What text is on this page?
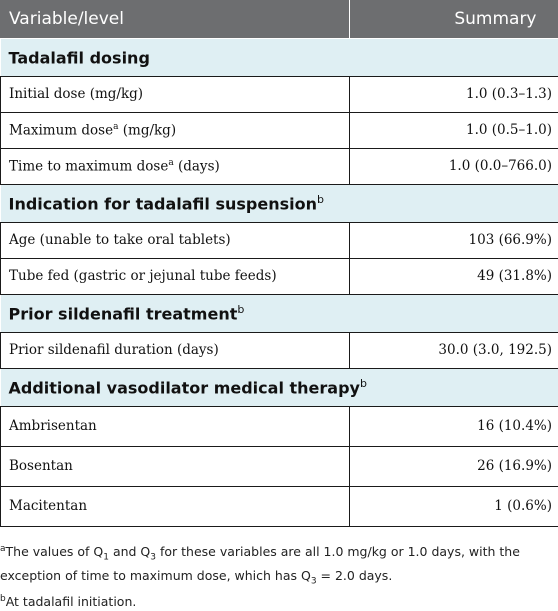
Variable/level	Summary
Tadalafil dosing	
Initial dose (mg/kg)	1.0 (0.3–1.3)
Maximum dose$^a$ (mg/kg)	1.0 (0.5–1.0)
Time to maximum dose$^a$ (days)	1.0 (0.0–766.0)
Indication for tadalafil suspension$^b$
Age (unable to take oral tablets)	103 (66.9%)
Tube fed (gastric or jejunal tube feeds)	49 (31.8%)
Prior sildenafil treatment$^b$
Prior sildenafil duration (days)	30.0 (3.0, 192.5)
Additional vasodilator medical therapy$^b$
Ambrisentan	16 (10.4%)
Bosentan	26 (16.9%)
Macitentan	1 (0.6%)

$^a$The values of $Q_1$ and $Q_3$ for these variables are all 1.0 mg/kg or 1.0 days, with the exception of time to maximum dose, which has $Q_3 = 2.0$ days.

$^b$At tadalafil initiation.
